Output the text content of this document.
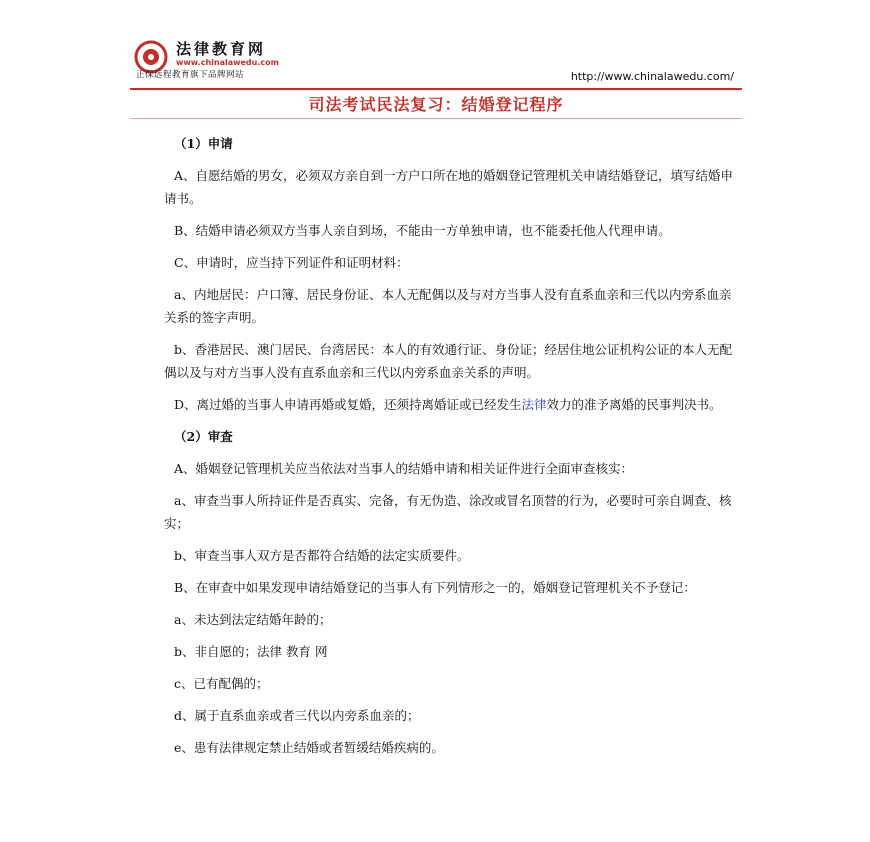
法律教育网
www.chinalawedu.com
正保远程教育旗下品牌网站	http://www.chinalawedu.com/
司法考试民法复习：结婚登记程序
（1）申请

A、自愿结婚的男女，必须双方亲自到一方户口所在地的婚姻登记管理机关申请结婚登记，填写结婚申请书。

B、结婚申请必须双方当事人亲自到场，不能由一方单独申请，也不能委托他人代理申请。

C、申请时，应当持下列证件和证明材料：

a、内地居民：户口簿、居民身份证、本人无配偶以及与对方当事人没有直系血亲和三代以内旁系血亲关系的签字声明。

b、香港居民、澳门居民、台湾居民：本人的有效通行证、身份证；经居住地公证机构公证的本人无配偶以及与对方当事人没有直系血亲和三代以内旁系血亲关系的声明。

D、离过婚的当事人申请再婚或复婚，还须持离婚证或已经发生法律效力的准予离婚的民事判决书。

（2）审查

A、婚姻登记管理机关应当依法对当事人的结婚申请和相关证件进行全面审查核实：

a、审查当事人所持证件是否真实、完备，有无伪造、涂改或冒名顶替的行为，必要时可亲自调查、核实；

b、审查当事人双方是否都符合结婚的法定实质要件。

B、在审查中如果发现申请结婚登记的当事人有下列情形之一的，婚姻登记管理机关不予登记：

a、未达到法定结婚年龄的；

b、非自愿的；法律 教育 网

c、已有配偶的；

d、属于直系血亲或者三代以内旁系血亲的；

e、患有法律规定禁止结婚或者暂缓结婚疾病的。
